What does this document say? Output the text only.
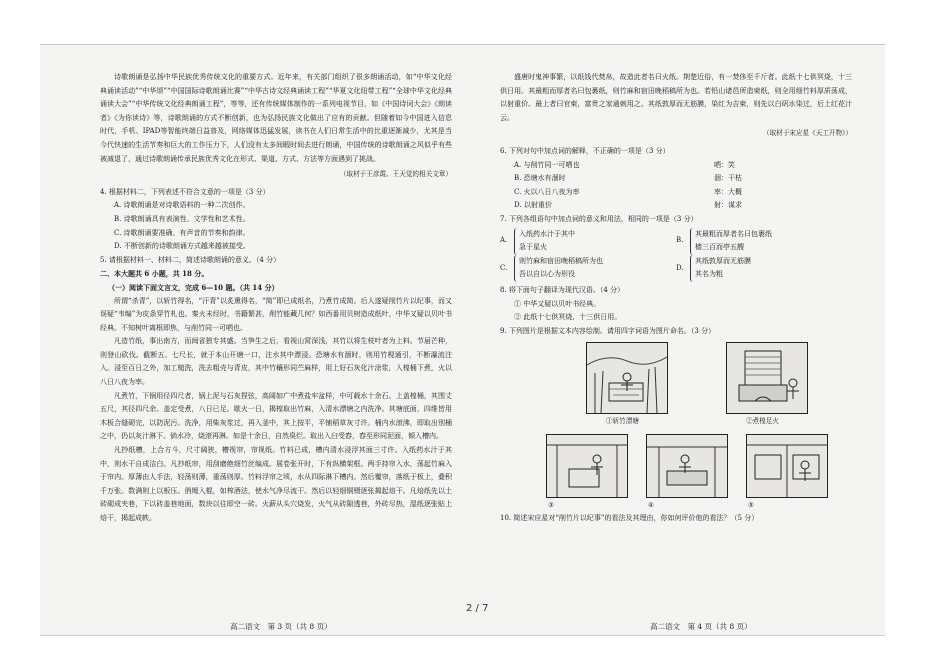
诗歌朗诵是弘扬中华民族优秀传统文化的重要方式。近年来，有关部门组织了很多朗诵活动，如“中华文化经典诵读活动”“中华颂”“中国国际诗歌朗诵比赛”“中华古诗文经典诵读工程”“华夏文化纽带工程”“全球中华文化经典诵读大会”“中华传统文化经典朗诵工程”，等等，还有传统媒体制作的一系列电视节目，如《中国诗词大会》《朗读者》《为你读诗》等，诗歌朗诵的方式不断创新，也为弘扬民族文化做出了应有的贡献。但随着如今中国进入信息时代，手机、IPAD等智能终端日益普及，网络媒体迅猛发展，读书在人们日常生活中的比重逐渐减少，尤其是当今代快速的生活节奏和巨大的工作压力下，人们没有太多间暇时间去进行朗诵，中国传统的诗歌朗诵之风似乎有些被减退了，通过诗歌朗诵传承民族优秀文化在形式、渠道、方式、方法等方面遇到了挑战。

（取材于王彦霞、王天觉的相关文章）

4. 根据材料二，下列表述不符合文意的一项是（3 分）

A. 诗歌朗诵是对诗歌语料的一种二次创作。

B. 诗歌朗诵具有表演性、文学性和艺术性。

C. 诗歌朗诵要准确、有声音的节奏和韵律。

D. 不断创新的诗歌朗诵方式越来越被接受。

5. 请根据材料一、材料二，简述诗歌朗诵的意义。（4 分）

二、本大题共 6 小题，共 18 分。

（一）阅读下面文言文，完成 6—10 题。（共 14 分）

所谓“杀青”，以斩竹得名，“汗青”以炙熏得名，“简”即已成纸名，乃煮竹成简。后人遂疑削竹片以纪事，而又误疑“韦编”为皮条穿竹札也。秦火未经时，书籍繁甚，削竹能藏几何？如西番用贝树造成纸叶，中华又疑以贝叶书经典。不知树叶离根即焦，与削竹同一可哂也。

凡造竹纸，事出南方，而闽省独专其盛。当笋生之后，看视山窝深浅，其竹以将生枝叶者为上料。节届芒种，则登山砍伐。截断五、七尺长，就于本山开塘一口，注水其中漂浸。恐塘水有涸时，则用竹枧通引，不断瀑流注入。浸至百日之外，加工槌洗，洗去粗壳与青皮，其中竹穰形同苎麻样，用上好石灰化汁涂浆，入楻桶下煮，火以八日八夜为率。

凡煮竹，下锅用径四尺者，锅上泥与石灰捏弦，高阔如广中煮盐牢盆样，中可载水十余石。上盖楻桶，其围丈五尺，其径四尺余。盖定受煮，八日已足。歇火一日，揭楻取出竹麻，入清水漂塘之内洗净。其塘底面，四维皆用木板合缝砌完，以防泥污。洗净，用柴灰浆过，再入釜中，其上按平，平铺稻草灰寸许。桶内水滚沸，即取出别桶之中，仍以灰汁淋下。倘水冷，烧滚再淋。如是十余日，自然臭烂。取出入臼受舂，舂至形同泥面，倾入槽内。

凡抄纸槽，上合方斗，尺寸阔狭，槽视帘，帘视纸。竹料已成，槽内清水浸浮其面三寸许。入纸药水汁于其中，则水干自成洁白。凡抄纸帘，用刮磨绝细竹丝编成。展卷张开时，下有纵横架框。两手持帘入水，荡起竹麻入于帘内。厚薄由人手法，轻荡则薄，重荡则厚。竹料浮帘之顷，水从四际淋下槽内。然后覆帘，落纸于板上，叠积千万张。数满则上以板压。俏绳入棍，如榨酒法，使水气净尽流干。然后以轻细铜镊逐张揭起焙干。凡焙纸先以土砖砌成夹巷，下以砖盖巷地面，数块以往即空一砖。火薪从头穴烧发，火气从砖隙透巷，外砖尽热，湿纸逐张贴上焙干，揭起成帙。

盛唐时鬼神事繁，以纸钱代焚帛，故造此者名曰火纸。荆楚近俗，有一焚侈至千斤者。此纸十七供冥烧，十三供日用。其最粗而厚者名曰包裹纸，则竹麻和宿田晚稻稿所为也。若铅山诸邑所造柬纸，则全用细竹料厚质荡成，以射重价。最上者曰官柬，富贵之家通刺用之。其纸敦厚而无筋膜，染红为吉柬，则先以白矾水染过，后上红花汁云。

（取材于宋应星《天工开物》）

6. 下列对句中加点词的解释，不正确的一项是（3 分）

A. 与削竹同一可哂也	哂：笑
B. 恐塘水有涸时	涸：干枯
C. 火以八日八夜为率	率：大概
D. 以射重价	射：谋求

7. 下列各组语句中加点词的意义和用法，相同的一项是（3 分）

A.
入纸药水汁于其中
急于星火
B.
其最粗而厚者名曰包裹纸
樯三百而亭五艘
C.
则竹麻和宿田晚稻稿所为也
吾以自以心为形役
D.
其纸敦厚而无筋膜
其名为粗

8. 将下面句子翻译为现代汉语。（4 分）

① 中华又疑以贝叶书经典。

② 此纸十七供冥烧，十三供日用。

9. 下列图片是根据文本内容绘制。请用四字词语为图片命名。（3 分）

①斩竹漂塘	②煮楻足火
③	④	⑤

10. 简述宋应星对“削竹片以纪事”的看法及其理由，你如何评价他的看法？（5 分）

高二语文　第 3 页（共 8 页）	高二语文　第 4 页（共 8 页）
2 / 7
